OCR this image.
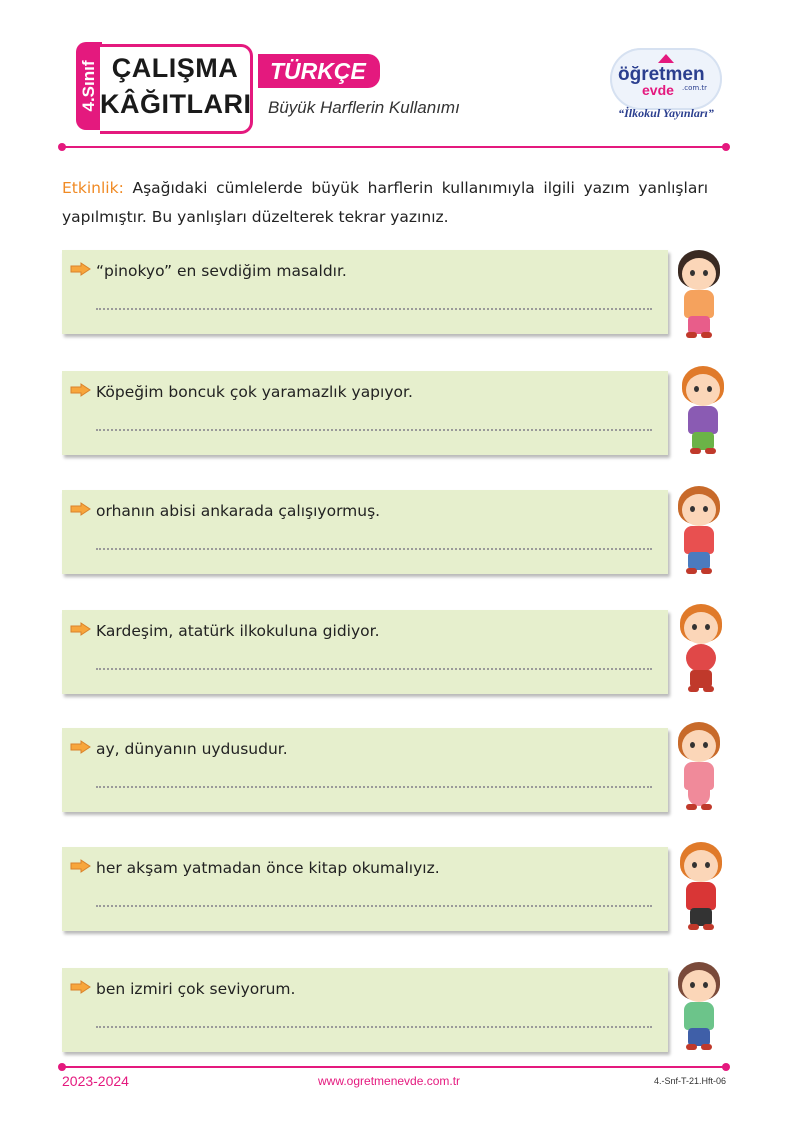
4.Sınıf ÇALIŞMA
KÂĞITLARI
TÜRKÇE
Büyük Harflerin Kullanımı
öğretmen
evde .com.tr
“İlkokul Yayınları”
Etkinlik: Aşağıdaki cümlelerde büyük harflerin kullanımıyla ilgili yazım yanlışları yapılmıştır. Bu yanlışları düzelterek tekrar yazınız.
“pinokyo” en sevdiğim masaldır.
Köpeğim boncuk çok yaramazlık yapıyor.
orhanın abisi ankarada çalışıyormuş.
Kardeşim, atatürk ilkokuluna gidiyor.
ay, dünyanın uydusudur.
her akşam yatmadan önce kitap okumalıyız.
ben izmiri çok seviyorum.
2023-2024	www.ogretmenevde.com.tr	4.-Snf-T-21.Hft-06
